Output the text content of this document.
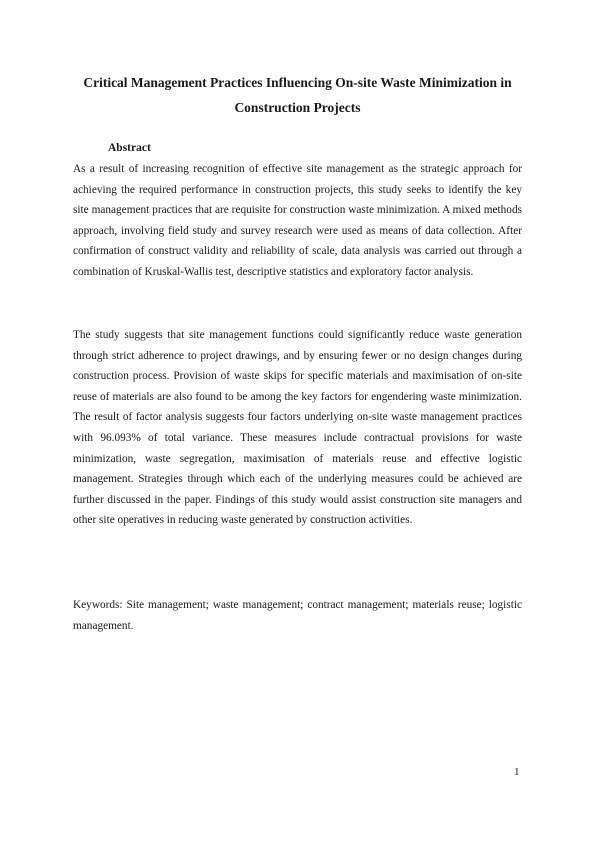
Critical Management Practices Influencing On-site Waste Minimization in Construction Projects
Abstract

As a result of increasing recognition of effective site management as the strategic approach for achieving the required performance in construction projects, this study seeks to identify the key site management practices that are requisite for construction waste minimization. A mixed methods approach, involving field study and survey research were used as means of data collection. After confirmation of construct validity and reliability of scale, data analysis was carried out through a combination of Kruskal-Wallis test, descriptive statistics and exploratory factor analysis.

The study suggests that site management functions could significantly reduce waste generation through strict adherence to project drawings, and by ensuring fewer or no design changes during construction process. Provision of waste skips for specific materials and maximisation of on-site reuse of materials are also found to be among the key factors for engendering waste minimization. The result of factor analysis suggests four factors underlying on-site waste management practices with 96.093% of total variance. These measures include contractual provisions for waste minimization, waste segregation, maximisation of materials reuse and effective logistic management. Strategies through which each of the underlying measures could be achieved are further discussed in the paper. Findings of this study would assist construction site managers and other site operatives in reducing waste generated by construction activities.

Keywords: Site management; waste management; contract management; materials reuse; logistic management.

1
